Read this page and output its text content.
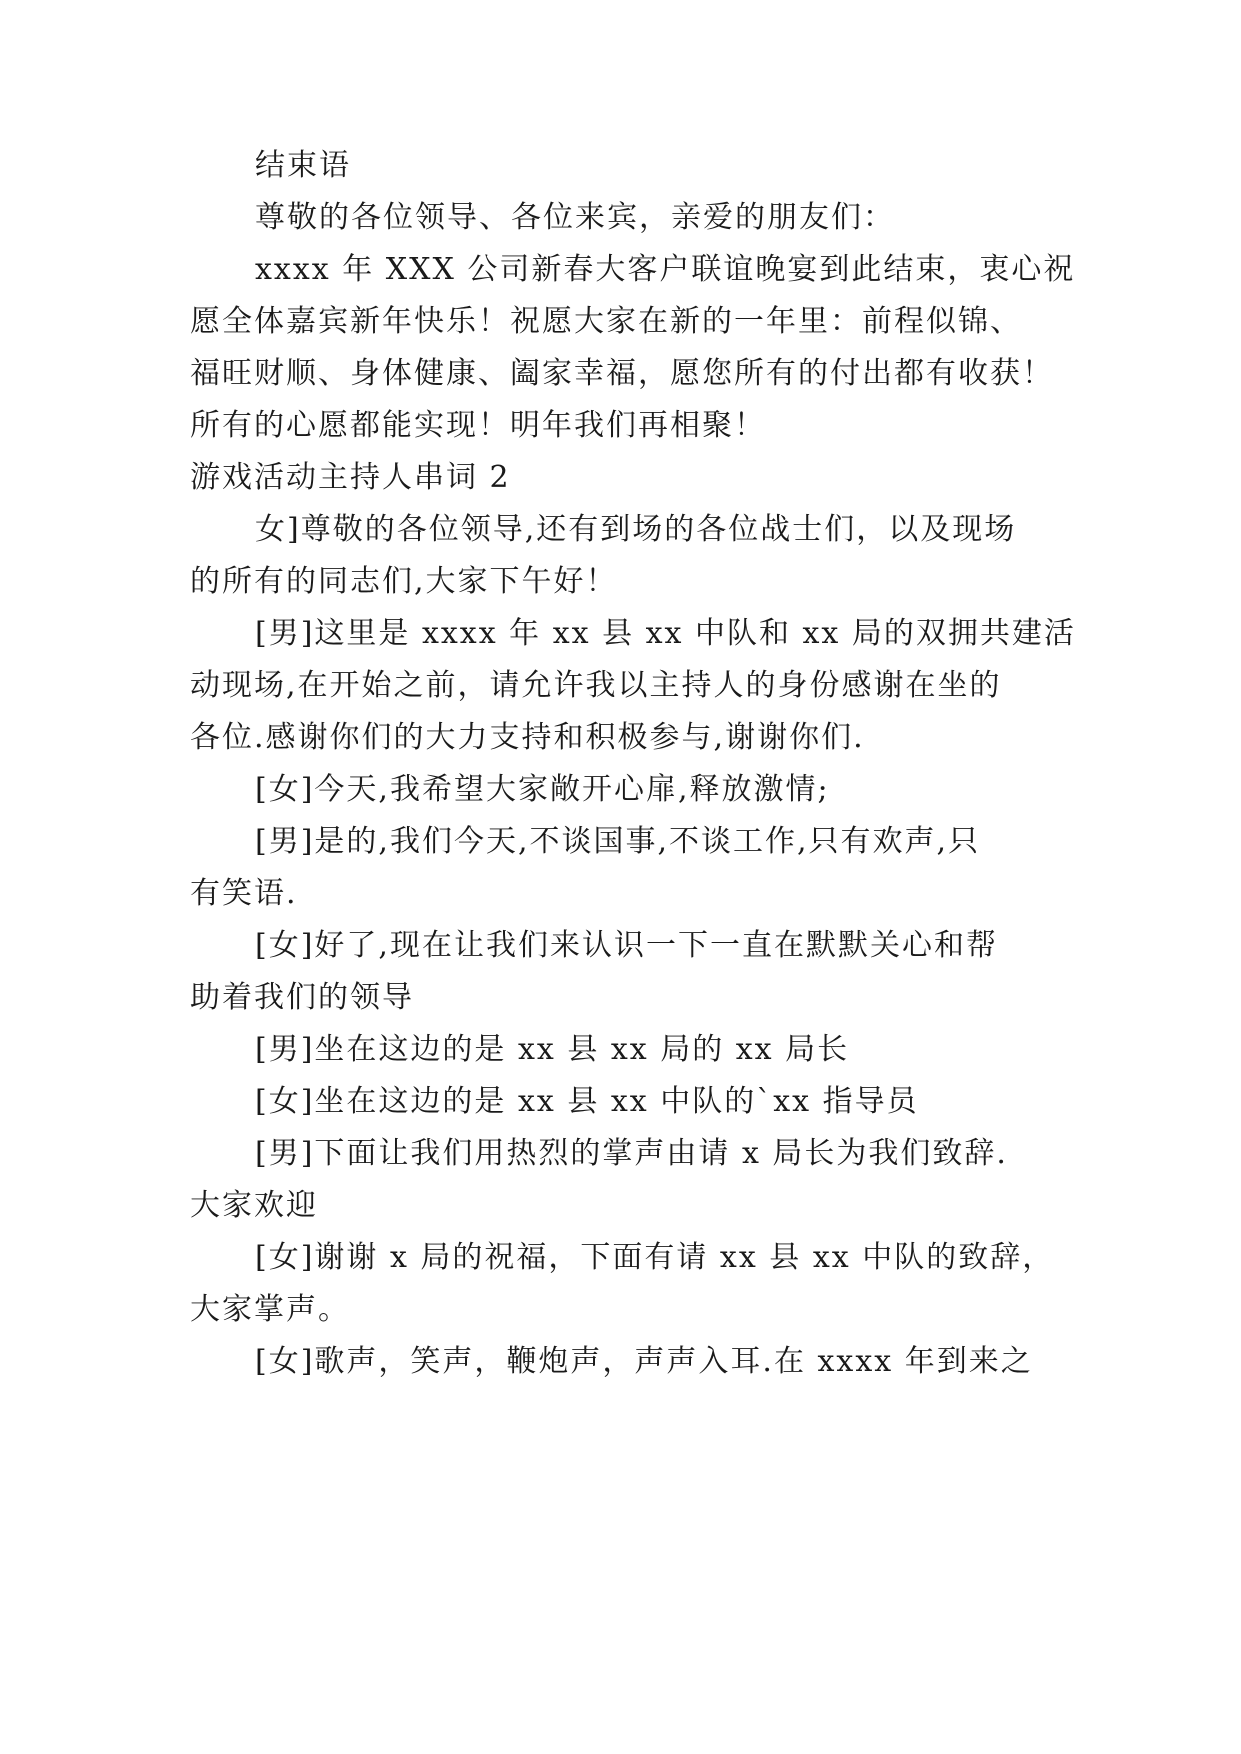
结束语
尊敬的各位领导、各位来宾，亲爱的朋友们：
xxxx 年 XXX 公司新春大客户联谊晚宴到此结束，衷心祝
愿全体嘉宾新年快乐！祝愿大家在新的一年里：前程似锦、
福旺财顺、身体健康、阖家幸福，愿您所有的付出都有收获！
所有的心愿都能实现！明年我们再相聚！
游戏活动主持人串词 2
女]尊敬的各位领导,还有到场的各位战士们，以及现场
的所有的同志们,大家下午好！
[男]这里是 xxxx 年 xx 县 xx 中队和 xx 局的双拥共建活
动现场,在开始之前，请允许我以主持人的身份感谢在坐的
各位.感谢你们的大力支持和积极参与,谢谢你们.
[女]今天,我希望大家敞开心扉,释放激情;
[男]是的,我们今天,不谈国事,不谈工作,只有欢声,只
有笑语.
[女]好了,现在让我们来认识一下一直在默默关心和帮
助着我们的领导
[男]坐在这边的是 xx 县 xx 局的 xx 局长
[女]坐在这边的是 xx 县 xx 中队的`xx 指导员
[男]下面让我们用热烈的掌声由请 x 局长为我们致辞.
大家欢迎
[女]谢谢 x 局的祝福，下面有请 xx 县 xx 中队的致辞，
大家掌声。
[女]歌声，笑声，鞭炮声，声声入耳.在 xxxx 年到来之
